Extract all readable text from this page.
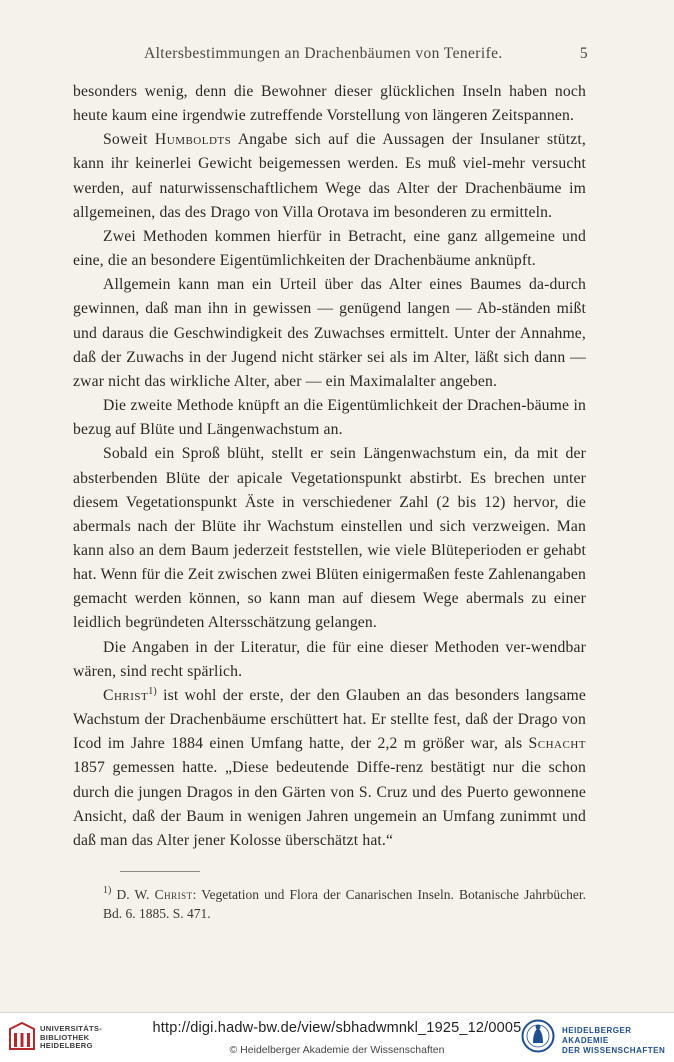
Altersbestimmungen an Drachenbäumen von Tenerife.	5

besonders wenig, denn die Bewohner dieser glücklichen Inseln haben noch heute kaum eine irgendwie zutreffende Vorstellung von längeren Zeitspannen.

Soweit Humboldts Angabe sich auf die Aussagen der Insulaner stützt, kann ihr keinerlei Gewicht beigemessen werden. Es muß viel-mehr versucht werden, auf naturwissenschaftlichem Wege das Alter der Drachenbäume im allgemeinen, das des Drago von Villa Orotava im besonderen zu ermitteln.

Zwei Methoden kommen hierfür in Betracht, eine ganz allgemeine und eine, die an besondere Eigentümlichkeiten der Drachenbäume anknüpft.

Allgemein kann man ein Urteil über das Alter eines Baumes da-durch gewinnen, daß man ihn in gewissen — genügend langen — Ab-ständen mißt und daraus die Geschwindigkeit des Zuwachses ermittelt. Unter der Annahme, daß der Zuwachs in der Jugend nicht stärker sei als im Alter, läßt sich dann — zwar nicht das wirkliche Alter, aber — ein Maximalalter angeben.

Die zweite Methode knüpft an die Eigentümlichkeit der Drachen-bäume in bezug auf Blüte und Längenwachstum an.

Sobald ein Sproß blüht, stellt er sein Längenwachstum ein, da mit der absterbenden Blüte der apicale Vegetationspunkt abstirbt. Es brechen unter diesem Vegetationspunkt Äste in verschiedener Zahl (2 bis 12) hervor, die abermals nach der Blüte ihr Wachstum einstellen und sich verzweigen. Man kann also an dem Baum jederzeit feststellen, wie viele Blüteperioden er gehabt hat. Wenn für die Zeit zwischen zwei Blüten einigermaßen feste Zahlenangaben gemacht werden können, so kann man auf diesem Wege abermals zu einer leidlich begründeten Altersschätzung gelangen.

Die Angaben in der Literatur, die für eine dieser Methoden ver-wendbar wären, sind recht spärlich.

Christ$^{1)}$ ist wohl der erste, der den Glauben an das besonders langsame Wachstum der Drachenbäume erschüttert hat. Er stellte fest, daß der Drago von Icod im Jahre 1884 einen Umfang hatte, der 2,2 m größer war, als Schacht 1857 gemessen hatte. „Diese bedeutende Diffe-renz bestätigt nur die schon durch die jungen Dragos in den Gärten von S. Cruz und des Puerto gewonnene Ansicht, daß der Baum in wenigen Jahren ungemein an Umfang zunimmt und daß man das Alter jener Kolosse überschätzt hat.“

$^{1)}$ D. W. Christ: Vegetation und Flora der Canarischen Inseln. Botanische Jahrbücher. Bd. 6. 1885. S. 471.
UNIVERSITÄTS-
BIBLIOTHEK
HEIDELBERG
http://digi.hadw-bw.de/view/sbhadwmnkl_1925_12/0005
© Heidelberger Akademie der Wissenschaften
HEIDELBERGER AKADEMIE
DER WISSENSCHAFTEN
